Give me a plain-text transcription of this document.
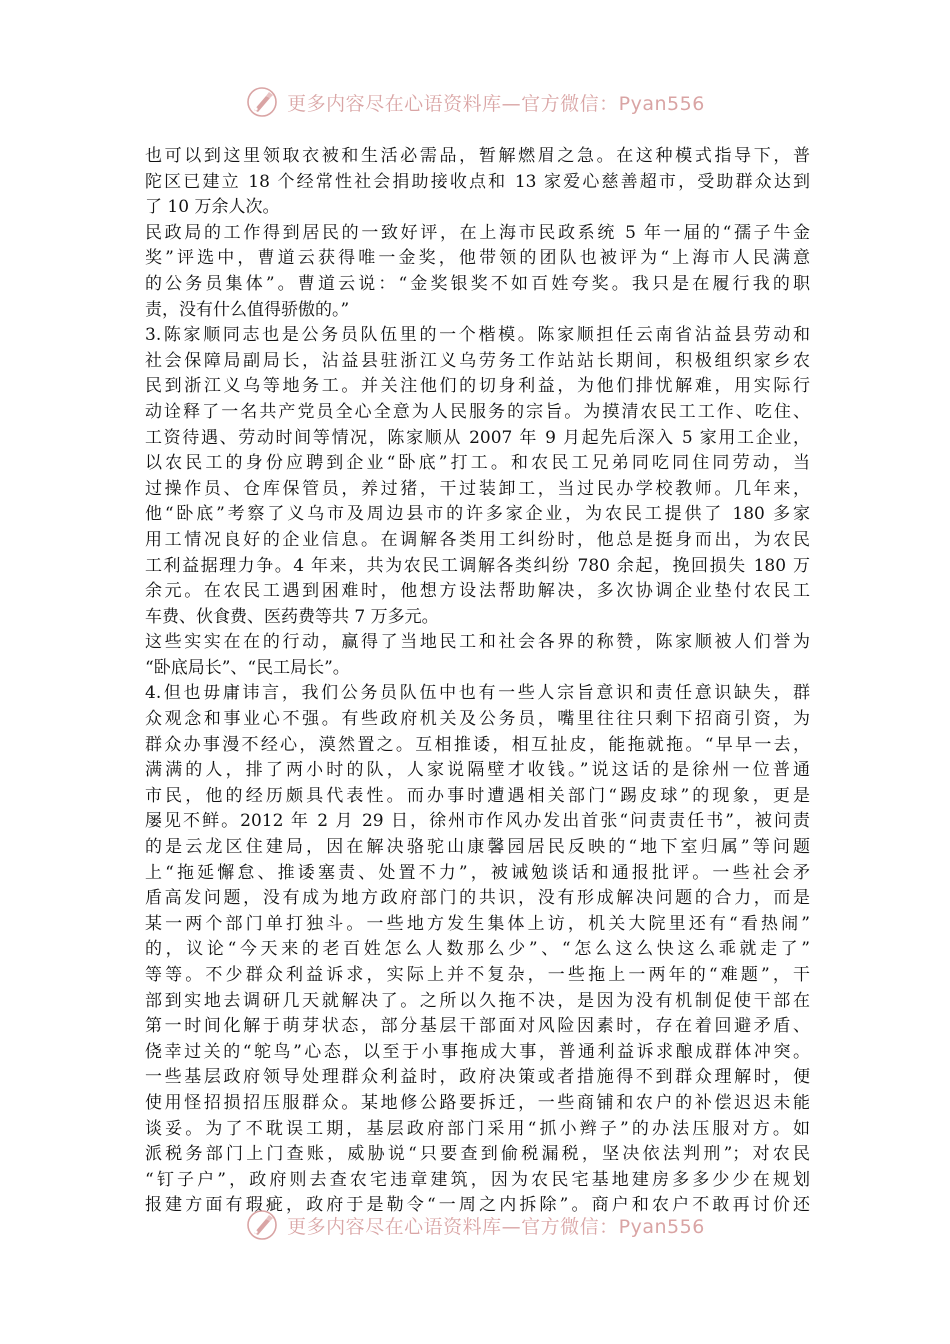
更多内容尽在心语资料库—官方微信：Pyan556
也可以到这里领取衣被和生活必需品，暂解燃眉之急。在这种模式指导下，普
陀区已建立 18 个经常性社会捐助接收点和 13 家爱心慈善超市，受助群众达到
了 10 万余人次。
民政局的工作得到居民的一致好评，在上海市民政系统 5 年一届的“孺子牛金
奖”评选中，曹道云获得唯一金奖，他带领的团队也被评为“上海市人民满意
的公务员集体”。曹道云说：“金奖银奖不如百姓夸奖。我只是在履行我的职
责，没有什么值得骄傲的。”
3.陈家顺同志也是公务员队伍里的一个楷模。陈家顺担任云南省沾益县劳动和
社会保障局副局长，沾益县驻浙江义乌劳务工作站站长期间，积极组织家乡农
民到浙江义乌等地务工。并关注他们的切身利益，为他们排忧解难，用实际行
动诠释了一名共产党员全心全意为人民服务的宗旨。为摸清农民工工作、吃住、
工资待遇、劳动时间等情况，陈家顺从 2007 年 9 月起先后深入 5 家用工企业，
以农民工的身份应聘到企业“卧底”打工。和农民工兄弟同吃同住同劳动，当
过操作员、仓库保管员，养过猪，干过装卸工，当过民办学校教师。几年来，
他“卧底”考察了义乌市及周边县市的许多家企业，为农民工提供了 180 多家
用工情况良好的企业信息。在调解各类用工纠纷时，他总是挺身而出，为农民
工利益据理力争。4 年来，共为农民工调解各类纠纷 780 余起，挽回损失 180 万
余元。在农民工遇到困难时，他想方设法帮助解决，多次协调企业垫付农民工
车费、伙食费、医药费等共 7 万多元。
这些实实在在的行动，赢得了当地民工和社会各界的称赞，陈家顺被人们誉为
“卧底局长”、“民工局长”。
4.但也毋庸讳言，我们公务员队伍中也有一些人宗旨意识和责任意识缺失，群
众观念和事业心不强。有些政府机关及公务员，嘴里往往只剩下招商引资，为
群众办事漫不经心，漠然置之。互相推诿，相互扯皮，能拖就拖。“早早一去，
满满的人，排了两小时的队，人家说隔壁才收钱。”说这话的是徐州一位普通
市民，他的经历颇具代表性。而办事时遭遇相关部门“踢皮球”的现象，更是
屡见不鲜。2012 年 2 月 29 日，徐州市作风办发出首张“问责责任书”，被问责
的是云龙区住建局，因在解决骆驼山康馨园居民反映的“地下室归属”等问题
上“拖延懈怠、推诿塞责、处置不力”，被诫勉谈话和通报批评。一些社会矛
盾高发问题，没有成为地方政府部门的共识，没有形成解决问题的合力，而是
某一两个部门单打独斗。一些地方发生集体上访，机关大院里还有“看热闹”
的，议论“今天来的老百姓怎么人数那么少”、“怎么这么快这么乖就走了”
等等。不少群众利益诉求，实际上并不复杂，一些拖上一两年的“难题”，干
部到实地去调研几天就解决了。之所以久拖不决，是因为没有机制促使干部在
第一时间化解于萌芽状态，部分基层干部面对风险因素时，存在着回避矛盾、
侥幸过关的“鸵鸟”心态，以至于小事拖成大事，普通利益诉求酿成群体冲突。
一些基层政府领导处理群众利益时，政府决策或者措施得不到群众理解时，便
使用怪招损招压服群众。某地修公路要拆迁，一些商铺和农户的补偿迟迟未能
谈妥。为了不耽误工期，基层政府部门采用“抓小辫子”的办法压服对方。如
派税务部门上门查账，威胁说“只要查到偷税漏税，坚决依法判刑”；对农民
“钉子户”，政府则去查农宅违章建筑，因为农民宅基地建房多多少少在规划
报建方面有瑕疵，政府于是勒令“一周之内拆除”。商户和农户不敢再讨价还
更多内容尽在心语资料库—官方微信：Pyan556
